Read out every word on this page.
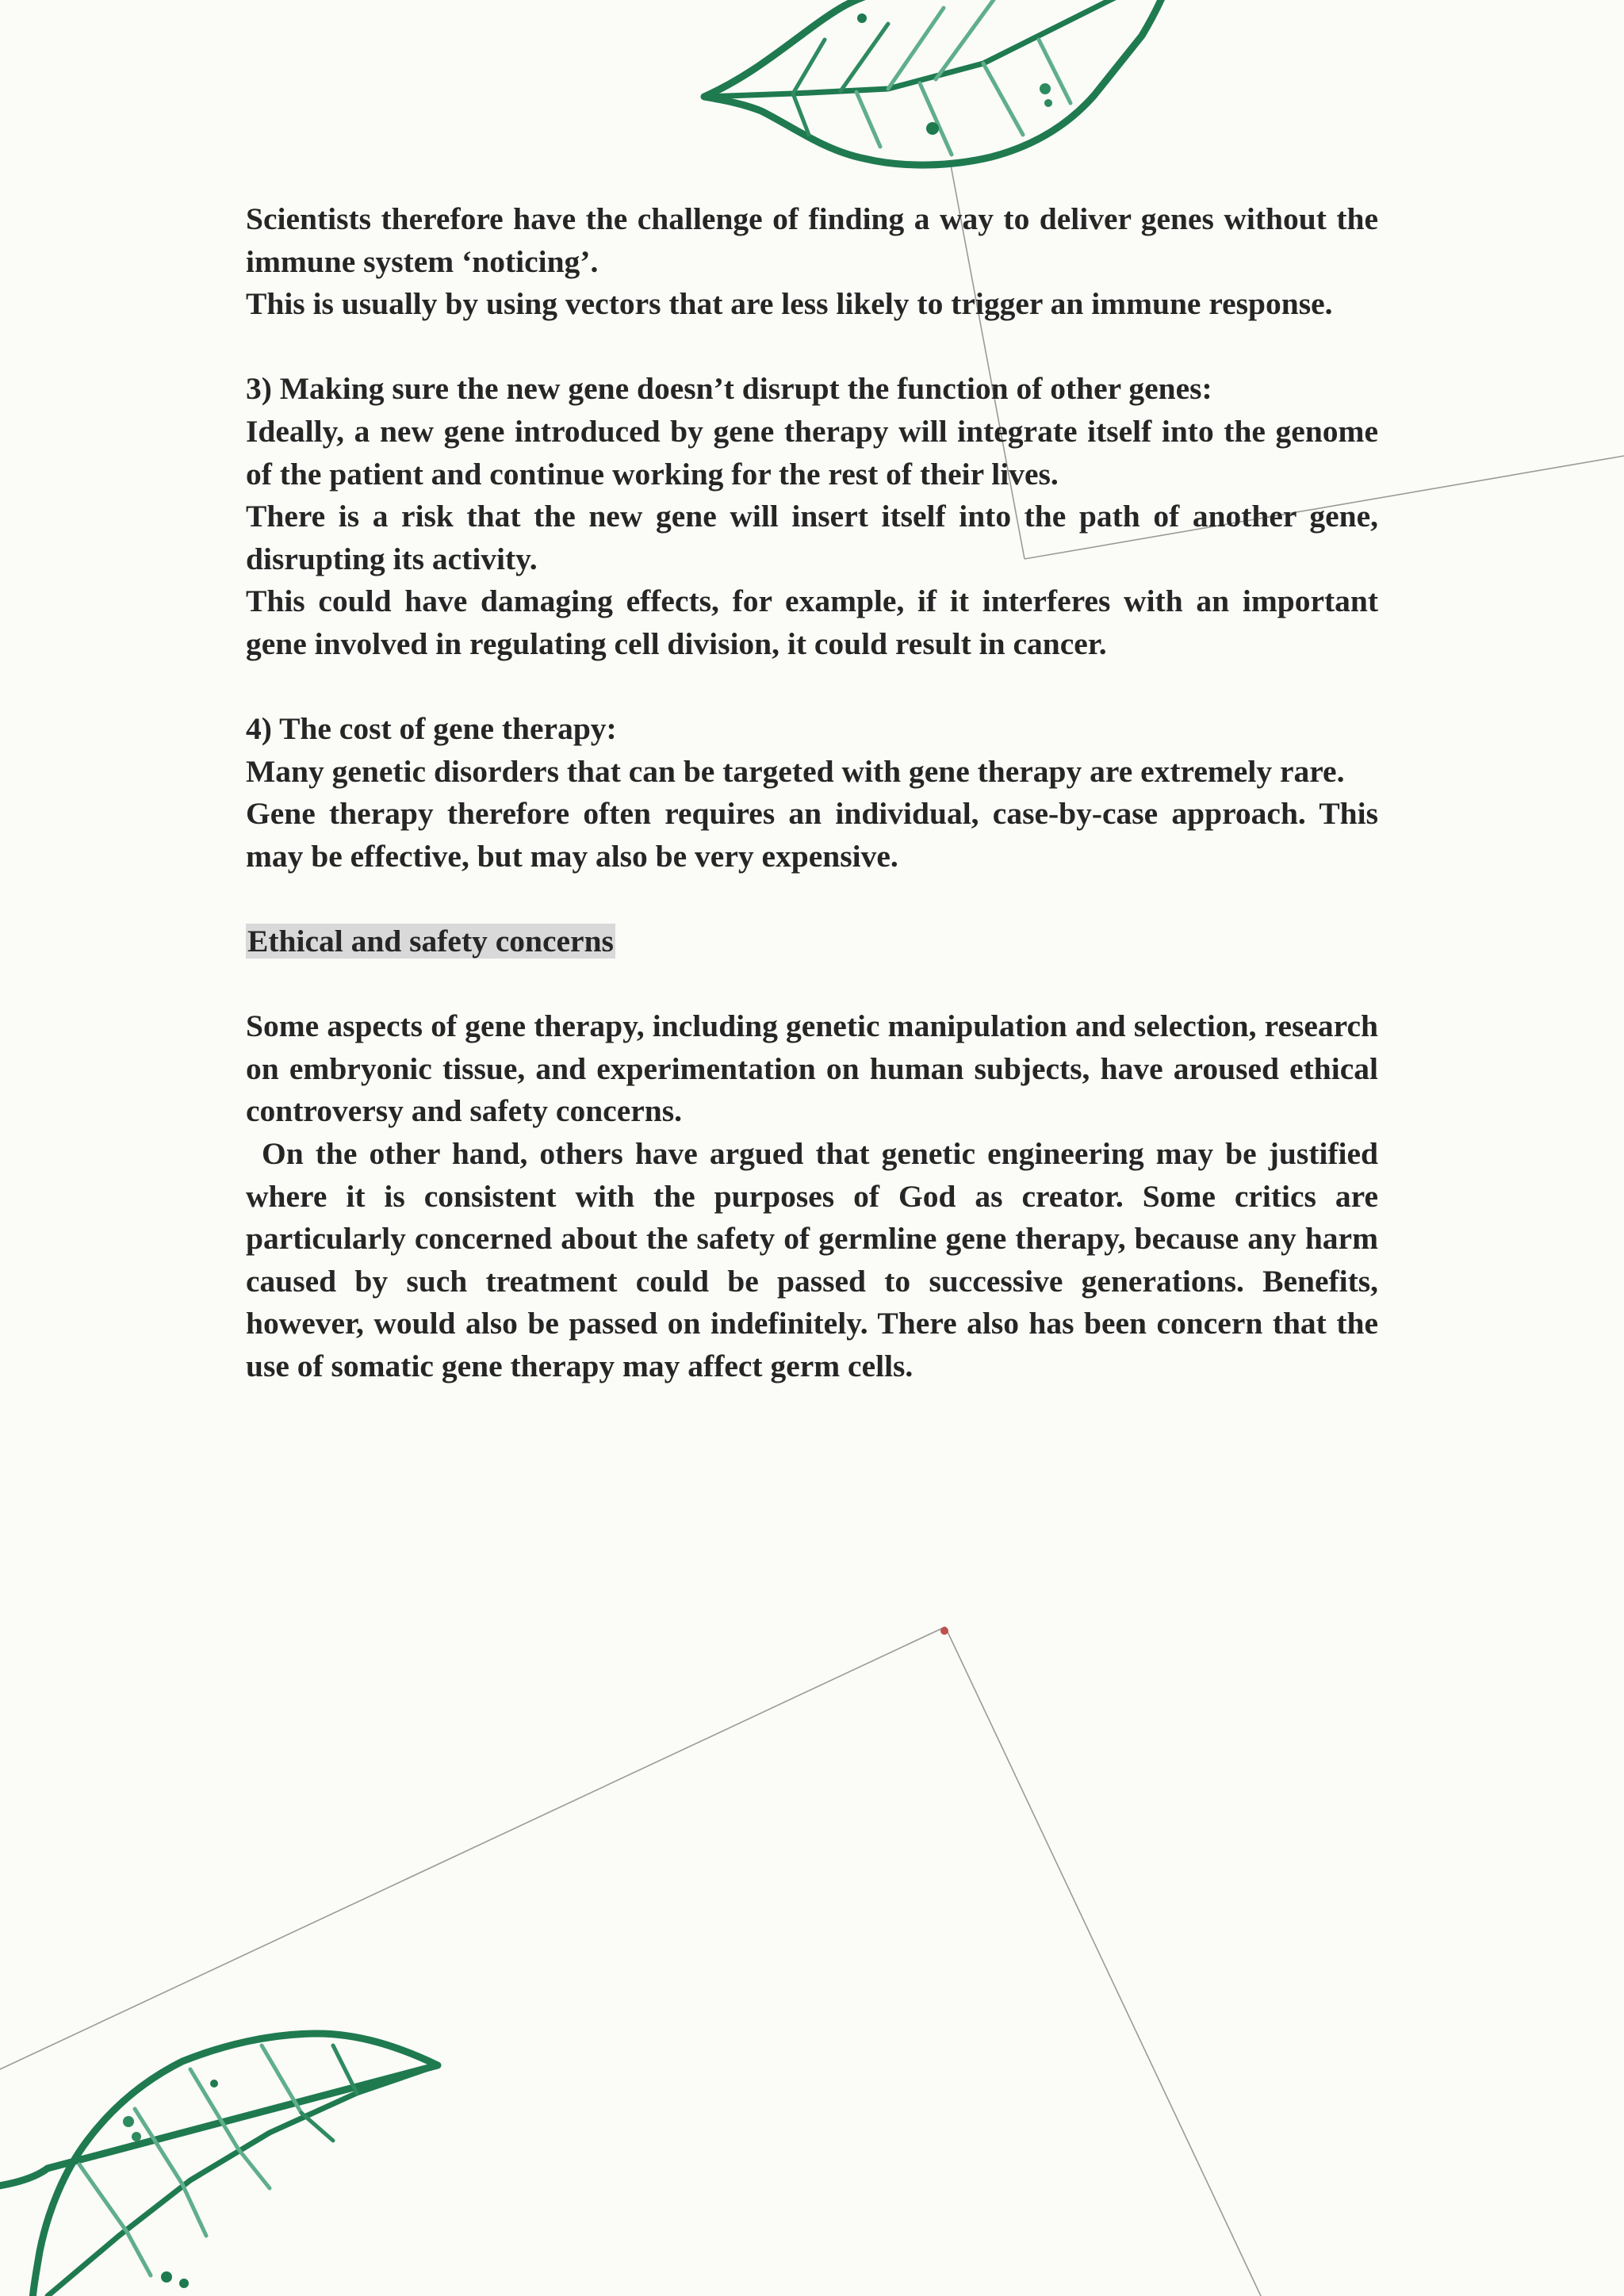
Scientists therefore have the challenge of finding a way to deliver genes without the immune system ‘noticing’.

This is usually by using vectors that are less likely to trigger an immune response.

3) Making sure the new gene doesn’t disrupt the function of other genes:

Ideally, a new gene introduced by gene therapy will integrate itself into the genome of the patient and continue working for the rest of their lives.

There is a risk that the new gene will insert itself into the path of another gene, disrupting its activity.

This could have damaging effects, for example, if it interferes with an important gene involved in regulating cell division, it could result in cancer.

4) The cost of gene therapy:

Many genetic disorders that can be targeted with gene therapy are extremely rare.

Gene therapy therefore often requires an individual, case-by-case approach. This may be effective, but may also be very expensive.

Ethical and safety concerns

Some aspects of gene therapy, including genetic manipulation and selection, research on embryonic tissue, and experimentation on human subjects, have aroused ethical controversy and safety concerns.

On the other hand, others have argued that genetic engineering may be justified where it is consistent with the purposes of God as creator. Some critics are particularly concerned about the safety of germline gene therapy, because any harm caused by such treatment could be passed to successive generations. Benefits, however, would also be passed on indefinitely. There also has been concern that the use of somatic gene therapy may affect germ cells.
